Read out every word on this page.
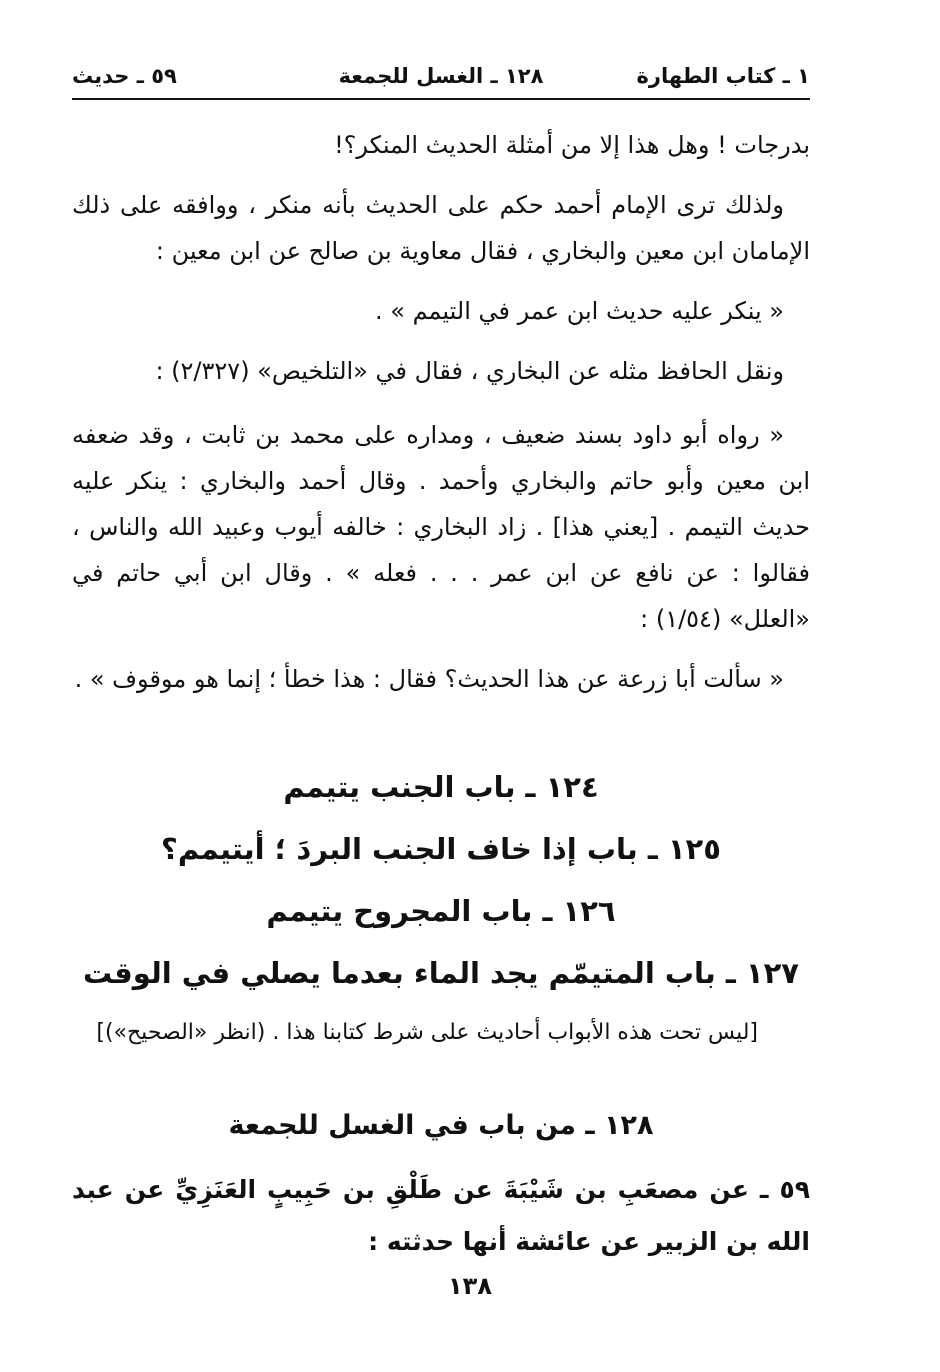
١ ـ كتاب الطهارة
١٢٨ ـ الغسل للجمعة
٥٩ ـ حديث

بدرجات ! وهل هذا إلا من أمثلة الحديث المنكر؟!

ولذلك ترى الإمام أحمد حكم على الحديث بأنه منكر ، ووافقه على ذلك الإمامان ابن معين والبخاري ، فقال معاوية بن صالح عن ابن معين :

« ينكر عليه حديث ابن عمر في التيمم » .

ونقل الحافظ مثله عن البخاري ، فقال في «التلخيص» (٢/٣٢٧) :

« رواه أبو داود بسند ضعيف ، ومداره على محمد بن ثابت ، وقد ضعفه ابن معين وأبو حاتم والبخاري وأحمد . وقال أحمد والبخاري : ينكر عليه حديث التيمم . [يعني هذا] . زاد البخاري : خالفه أيوب وعبيد الله والناس ، فقالوا : عن نافع عن ابن عمر . . . فعله » . وقال ابن أبي حاتم في «العلل» (١/٥٤) :

« سألت أبا زرعة عن هذا الحديث؟ فقال : هذا خطأ ؛ إنما هو موقوف » .

١٢٤ ـ باب الجنب يتيمم
١٢٥ ـ باب إذا خاف الجنب البردَ ؛ أيتيمم؟
١٢٦ ـ باب المجروح يتيمم
١٢٧ ـ باب المتيمّم يجد الماء بعدما يصلي في الوقت
[ليس تحت هذه الأبواب أحاديث على شرط كتابنا هذا . (انظر «الصحيح»)]
١٢٨ ـ من باب في الغسل للجمعة

٥٩ ـ عن مصعَبِ بن شَيْبَةَ عن طَلْقِ بن حَبِيبٍ العَنَزِيِّ عن عبد الله بن الزبير عن عائشة أنها حدثته :

١٣٨
